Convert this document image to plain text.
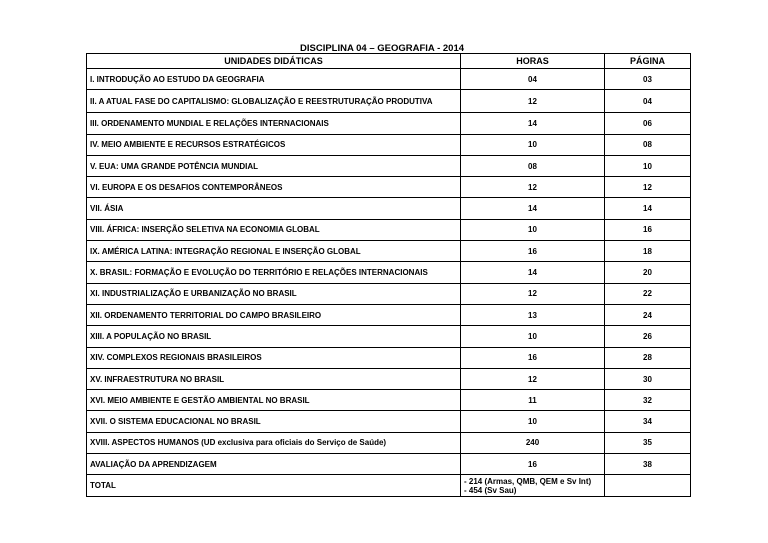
DISCIPLINA 04 – GEOGRAFIA - 2014
UNIDADES DIDÁTICAS	HORAS	PÁGINA
I. INTRODUÇÃO AO ESTUDO DA GEOGRAFIA	04	03
II. A ATUAL FASE DO CAPITALISMO: GLOBALIZAÇÃO E REESTRUTURAÇÃO PRODUTIVA	12	04
III. ORDENAMENTO MUNDIAL E RELAÇÕES INTERNACIONAIS	14	06
IV. MEIO AMBIENTE E RECURSOS ESTRATÉGICOS	10	08
V. EUA: UMA GRANDE POTÊNCIA MUNDIAL	08	10
VI. EUROPA E OS DESAFIOS CONTEMPORÂNEOS	12	12
VII. ÁSIA	14	14
VIII. ÁFRICA: INSERÇÃO SELETIVA NA ECONOMIA GLOBAL	10	16
IX. AMÉRICA LATINA: INTEGRAÇÃO REGIONAL E INSERÇÃO GLOBAL	16	18
X. BRASIL: FORMAÇÃO E EVOLUÇÃO DO TERRITÓRIO E RELAÇÕES INTERNACIONAIS	14	20
XI. INDUSTRIALIZAÇÃO E URBANIZAÇÃO NO BRASIL	12	22
XII. ORDENAMENTO TERRITORIAL DO CAMPO BRASILEIRO	13	24
XIII. A POPULAÇÃO NO BRASIL	10	26
XIV. COMPLEXOS REGIONAIS BRASILEIROS	16	28
XV. INFRAESTRUTURA NO BRASIL	12	30
XVI. MEIO AMBIENTE E GESTÃO AMBIENTAL NO BRASIL	11	32
XVII. O SISTEMA EDUCACIONAL NO BRASIL	10	34
XVIII. ASPECTOS HUMANOS (UD exclusiva para oficiais do Serviço de Saúde)	240	35
AVALIAÇÃO DA APRENDIZAGEM	16	38
TOTAL	- 214 (Armas, QMB, QEM e Sv Int)
- 454 (Sv Sau)	
